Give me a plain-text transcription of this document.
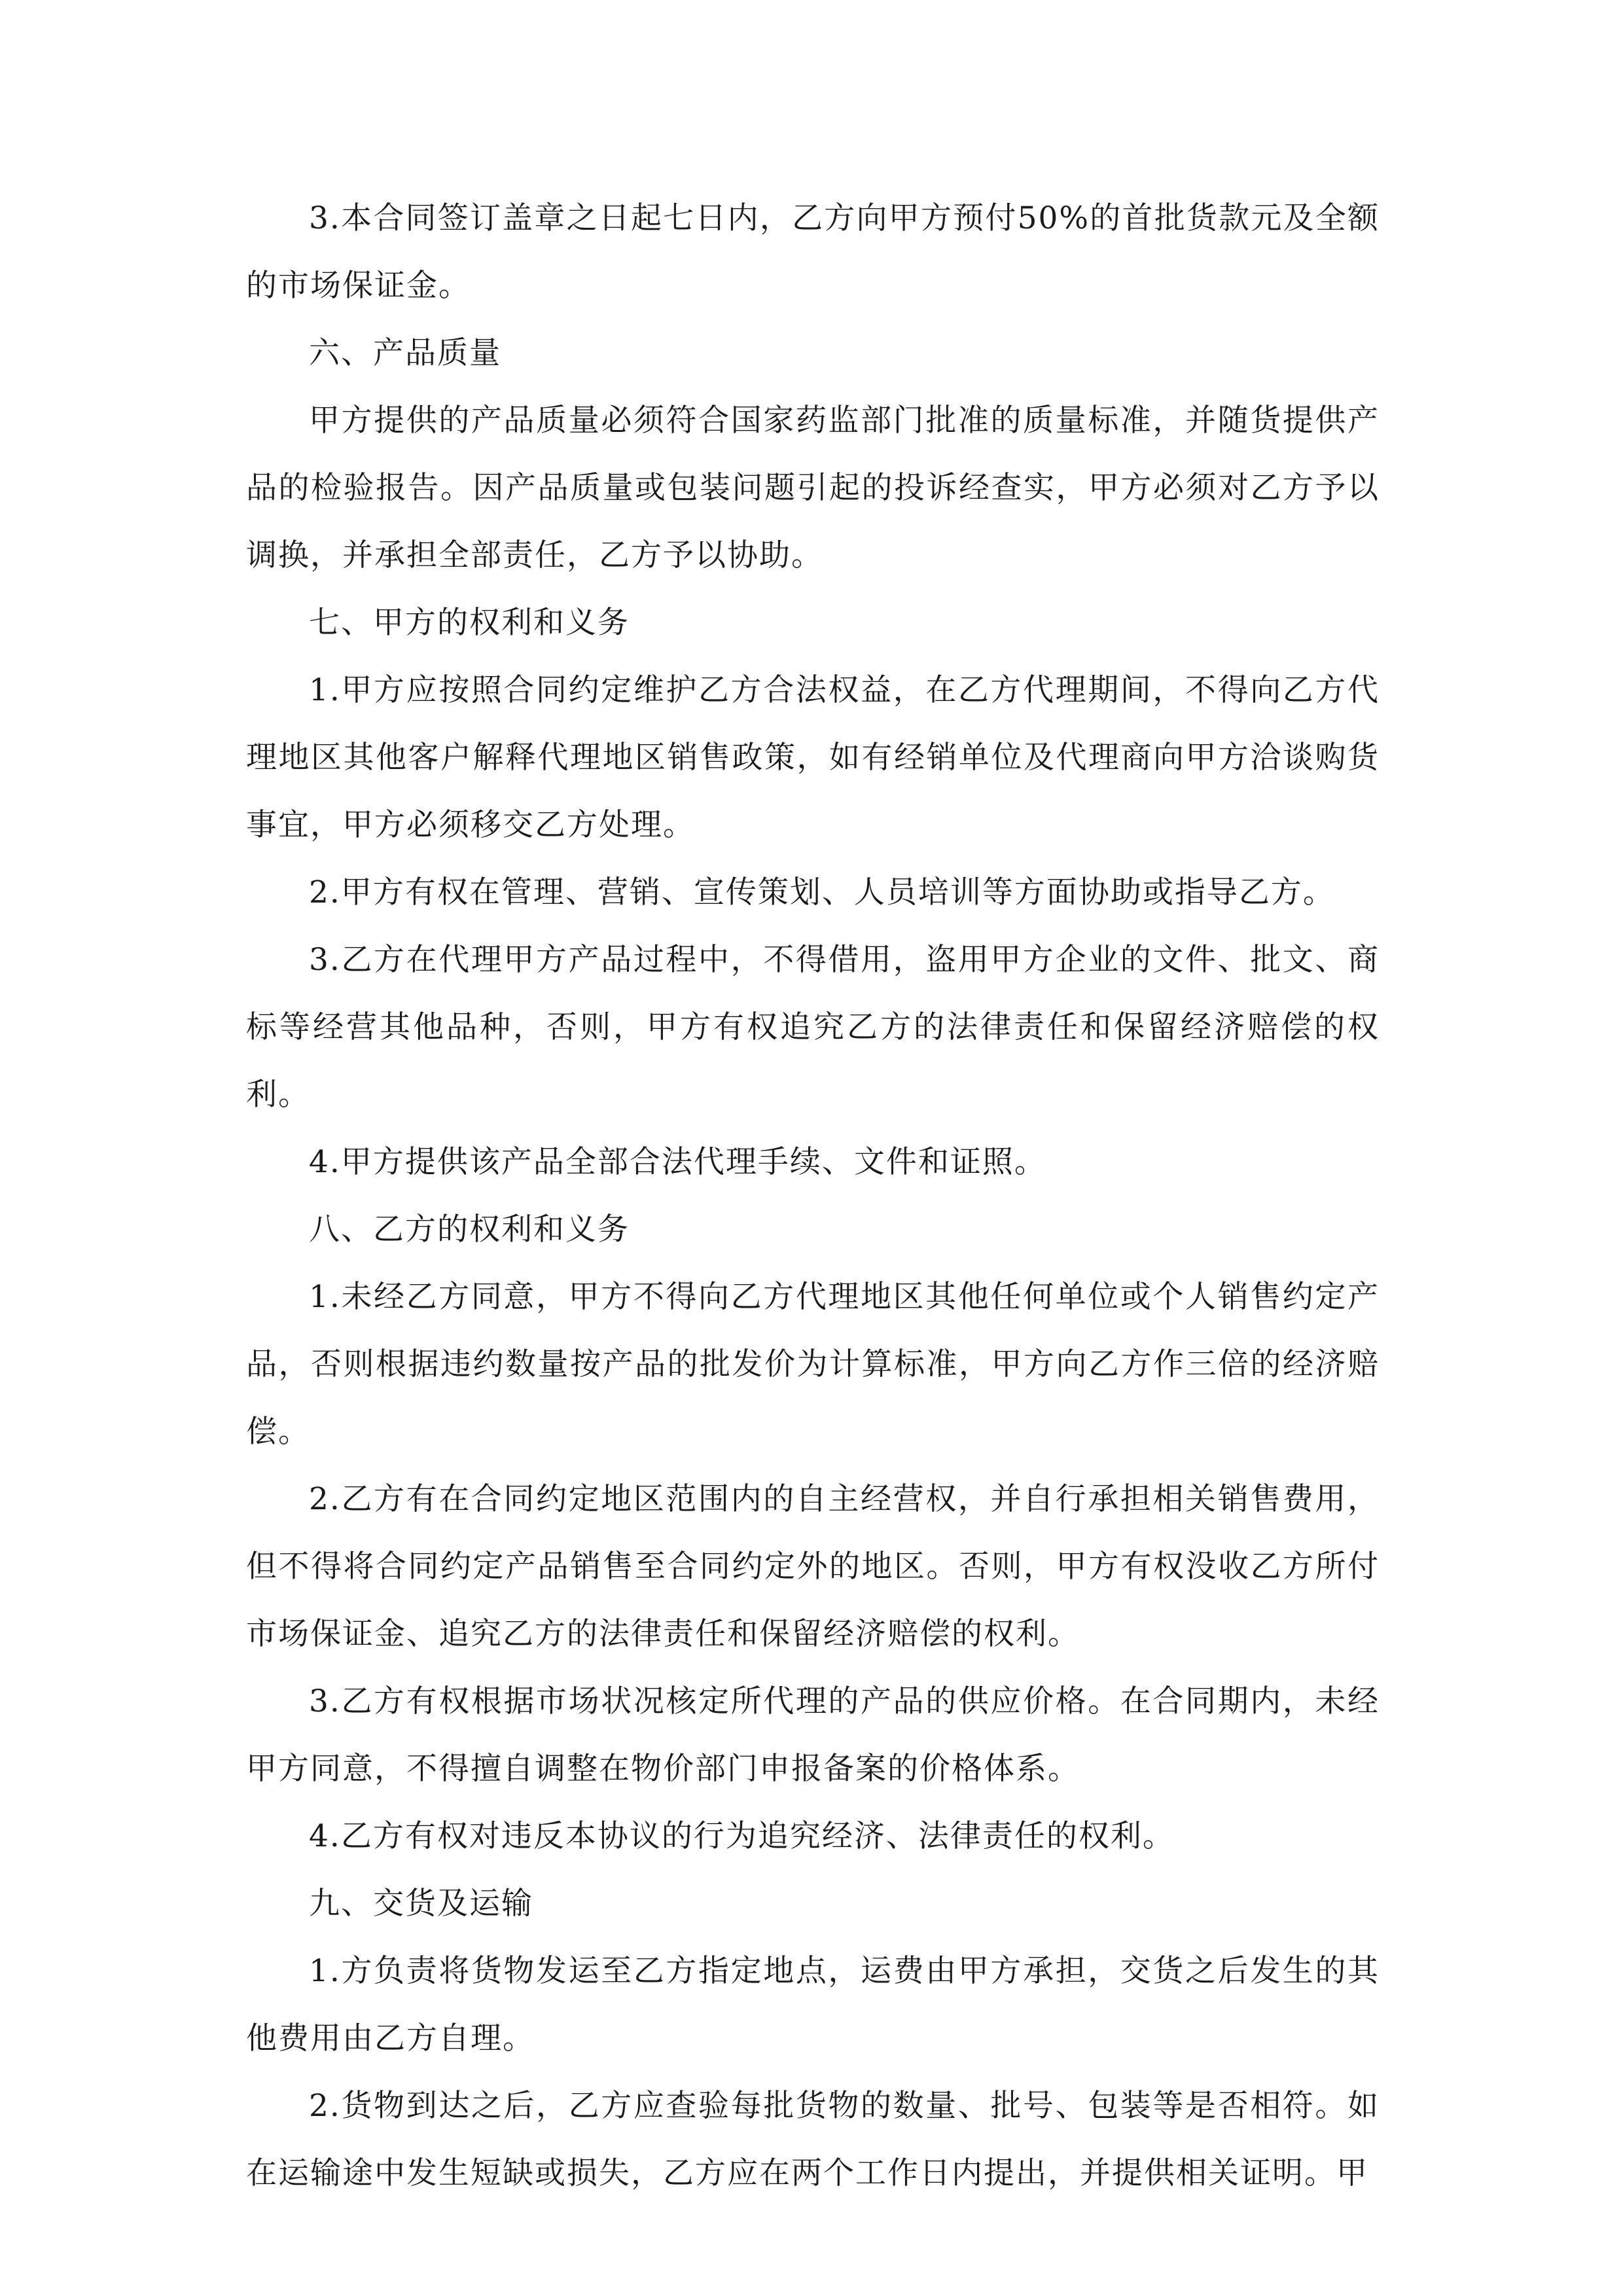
3.本合同签订盖章之日起七日内，乙方向甲方预付50%的首批货款元及全额的市场保证金。

六、产品质量

甲方提供的产品质量必须符合国家药监部门批准的质量标准，并随货提供产品的检验报告。因产品质量或包装问题引起的投诉经查实，甲方必须对乙方予以调换，并承担全部责任，乙方予以协助。

七、甲方的权利和义务

1.甲方应按照合同约定维护乙方合法权益，在乙方代理期间，不得向乙方代理地区其他客户解释代理地区销售政策，如有经销单位及代理商向甲方洽谈购货事宜，甲方必须移交乙方处理。

2.甲方有权在管理、营销、宣传策划、人员培训等方面协助或指导乙方。

3.乙方在代理甲方产品过程中，不得借用，盗用甲方企业的文件、批文、商标等经营其他品种，否则，甲方有权追究乙方的法律责任和保留经济赔偿的权利。

4.甲方提供该产品全部合法代理手续、文件和证照。

八、乙方的权利和义务

1.未经乙方同意，甲方不得向乙方代理地区其他任何单位或个人销售约定产品，否则根据违约数量按产品的批发价为计算标准，甲方向乙方作三倍的经济赔偿。

2.乙方有在合同约定地区范围内的自主经营权，并自行承担相关销售费用，但不得将合同约定产品销售至合同约定外的地区。否则，甲方有权没收乙方所付市场保证金、追究乙方的法律责任和保留经济赔偿的权利。

3.乙方有权根据市场状况核定所代理的产品的供应价格。在合同期内，未经甲方同意，不得擅自调整在物价部门申报备案的价格体系。

4.乙方有权对违反本协议的行为追究经济、法律责任的权利。

九、交货及运输

1.方负责将货物发运至乙方指定地点，运费由甲方承担，交货之后发生的其他费用由乙方自理。

2.货物到达之后，乙方应查验每批货物的数量、批号、包装等是否相符。如在运输途中发生短缺或损失，乙方应在两个工作日内提出，并提供相关证明。甲
